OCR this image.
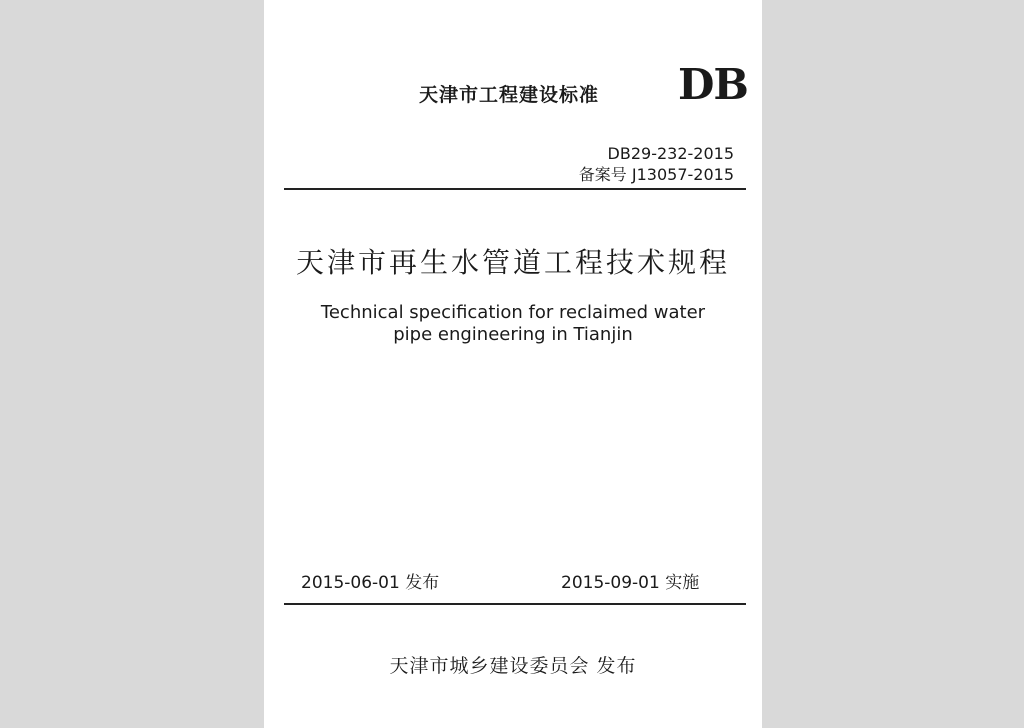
天津市工程建设标准 DB
DB29-232-2015
备案号 J13057-2015
天津市再生水管道工程技术规程
Technical specification for reclaimed water
pipe engineering in Tianjin
2015-06-01 发布	2015-09-01 实施
天津市城乡建设委员会 发布
